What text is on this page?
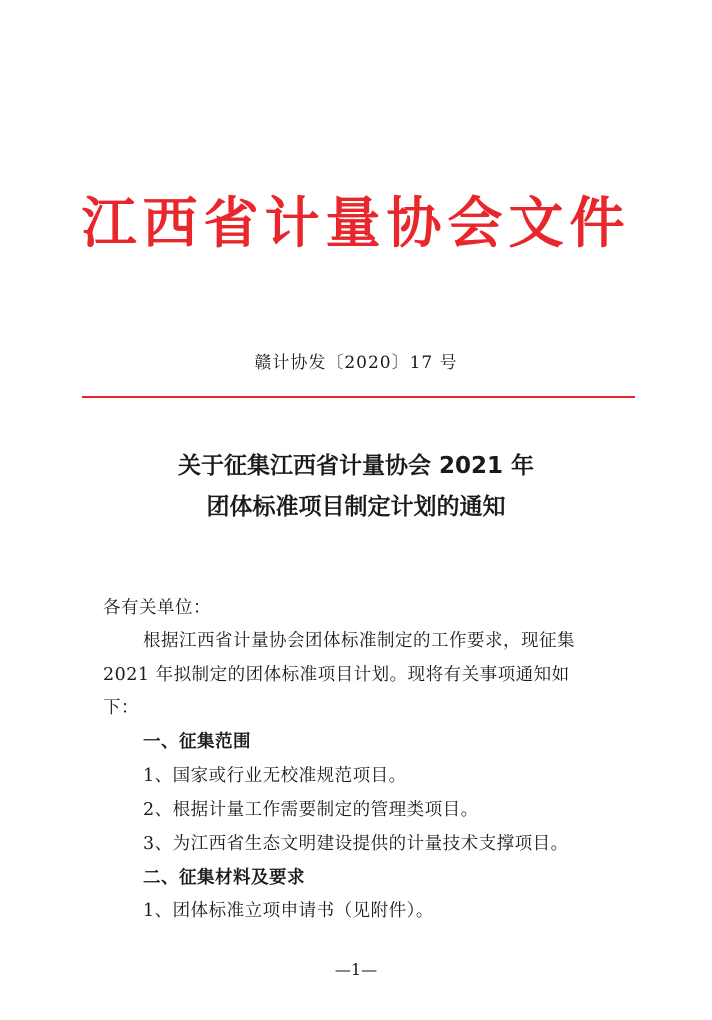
江西省计量协会文件
赣计协发〔2020〕17 号
关于征集江西省计量协会 2021 年
团体标准项目制定计划的通知
各有关单位：
根据江西省计量协会团体标准制定的工作要求，现征集
2021 年拟制定的团体标准项目计划。现将有关事项通知如
下：
一、征集范围
1、国家或行业无校准规范项目。
2、根据计量工作需要制定的管理类项目。
3、为江西省生态文明建设提供的计量技术支撑项目。
二、征集材料及要求
1、团体标准立项申请书（见附件）。
—1—
